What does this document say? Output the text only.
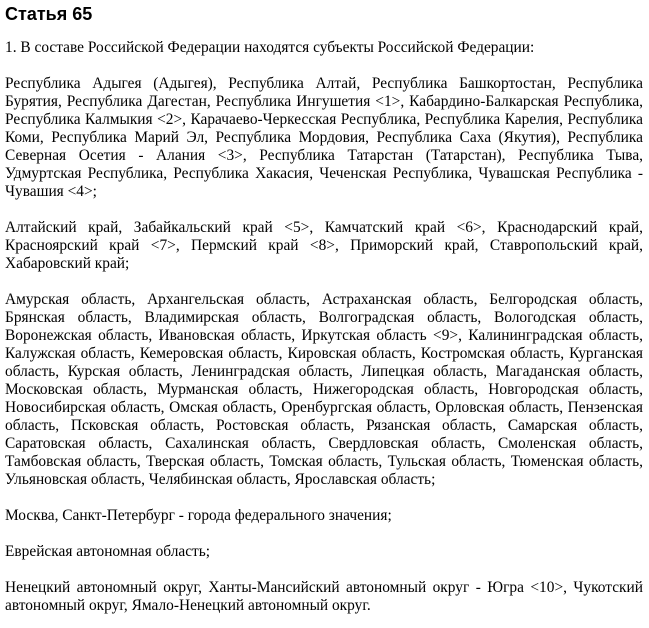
Статья 65

1. В составе Российской Федерации находятся субъекты Российской Федерации:

Республика Адыгея (Адыгея), Республика Алтай, Республика Башкортостан, Республика Бурятия, Республика Дагестан, Республика Ингушетия <1>, Кабардино-Балкарская Республика, Республика Калмыкия <2>, Карачаево-Черкесская Республика, Республика Карелия, Республика Коми, Республика Марий Эл, Республика Мордовия, Республика Саха (Якутия), Республика Северная Осетия - Алания <3>, Республика Татарстан (Татарстан), Республика Тыва, Удмуртская Республика, Республика Хакасия, Чеченская Республика, Чувашская Республика - Чувашия <4>;

Алтайский край, Забайкальский край <5>, Камчатский край <6>, Краснодарский край, Красноярский край <7>, Пермский край <8>, Приморский край, Ставропольский край, Хабаровский край;

Амурская область, Архангельская область, Астраханская область, Белгородская область, Брянская область, Владимирская область, Волгоградская область, Вологодская область, Воронежская область, Ивановская область, Иркутская область <9>, Калининградская область, Калужская область, Кемеровская область, Кировская область, Костромская область, Курганская область, Курская область, Ленинградская область, Липецкая область, Магаданская область, Московская область, Мурманская область, Нижегородская область, Новгородская область, Новосибирская область, Омская область, Оренбургская область, Орловская область, Пензенская область, Псковская область, Ростовская область, Рязанская область, Самарская область, Саратовская область, Сахалинская область, Свердловская область, Смоленская область, Тамбовская область, Тверская область, Томская область, Тульская область, Тюменская область, Ульяновская область, Челябинская область, Ярославская область;

Москва, Санкт-Петербург - города федерального значения;

Еврейская автономная область;

Ненецкий автономный округ, Ханты-Мансийский автономный округ - Югра <10>, Чукотский автономный округ, Ямало-Ненецкий автономный округ.
